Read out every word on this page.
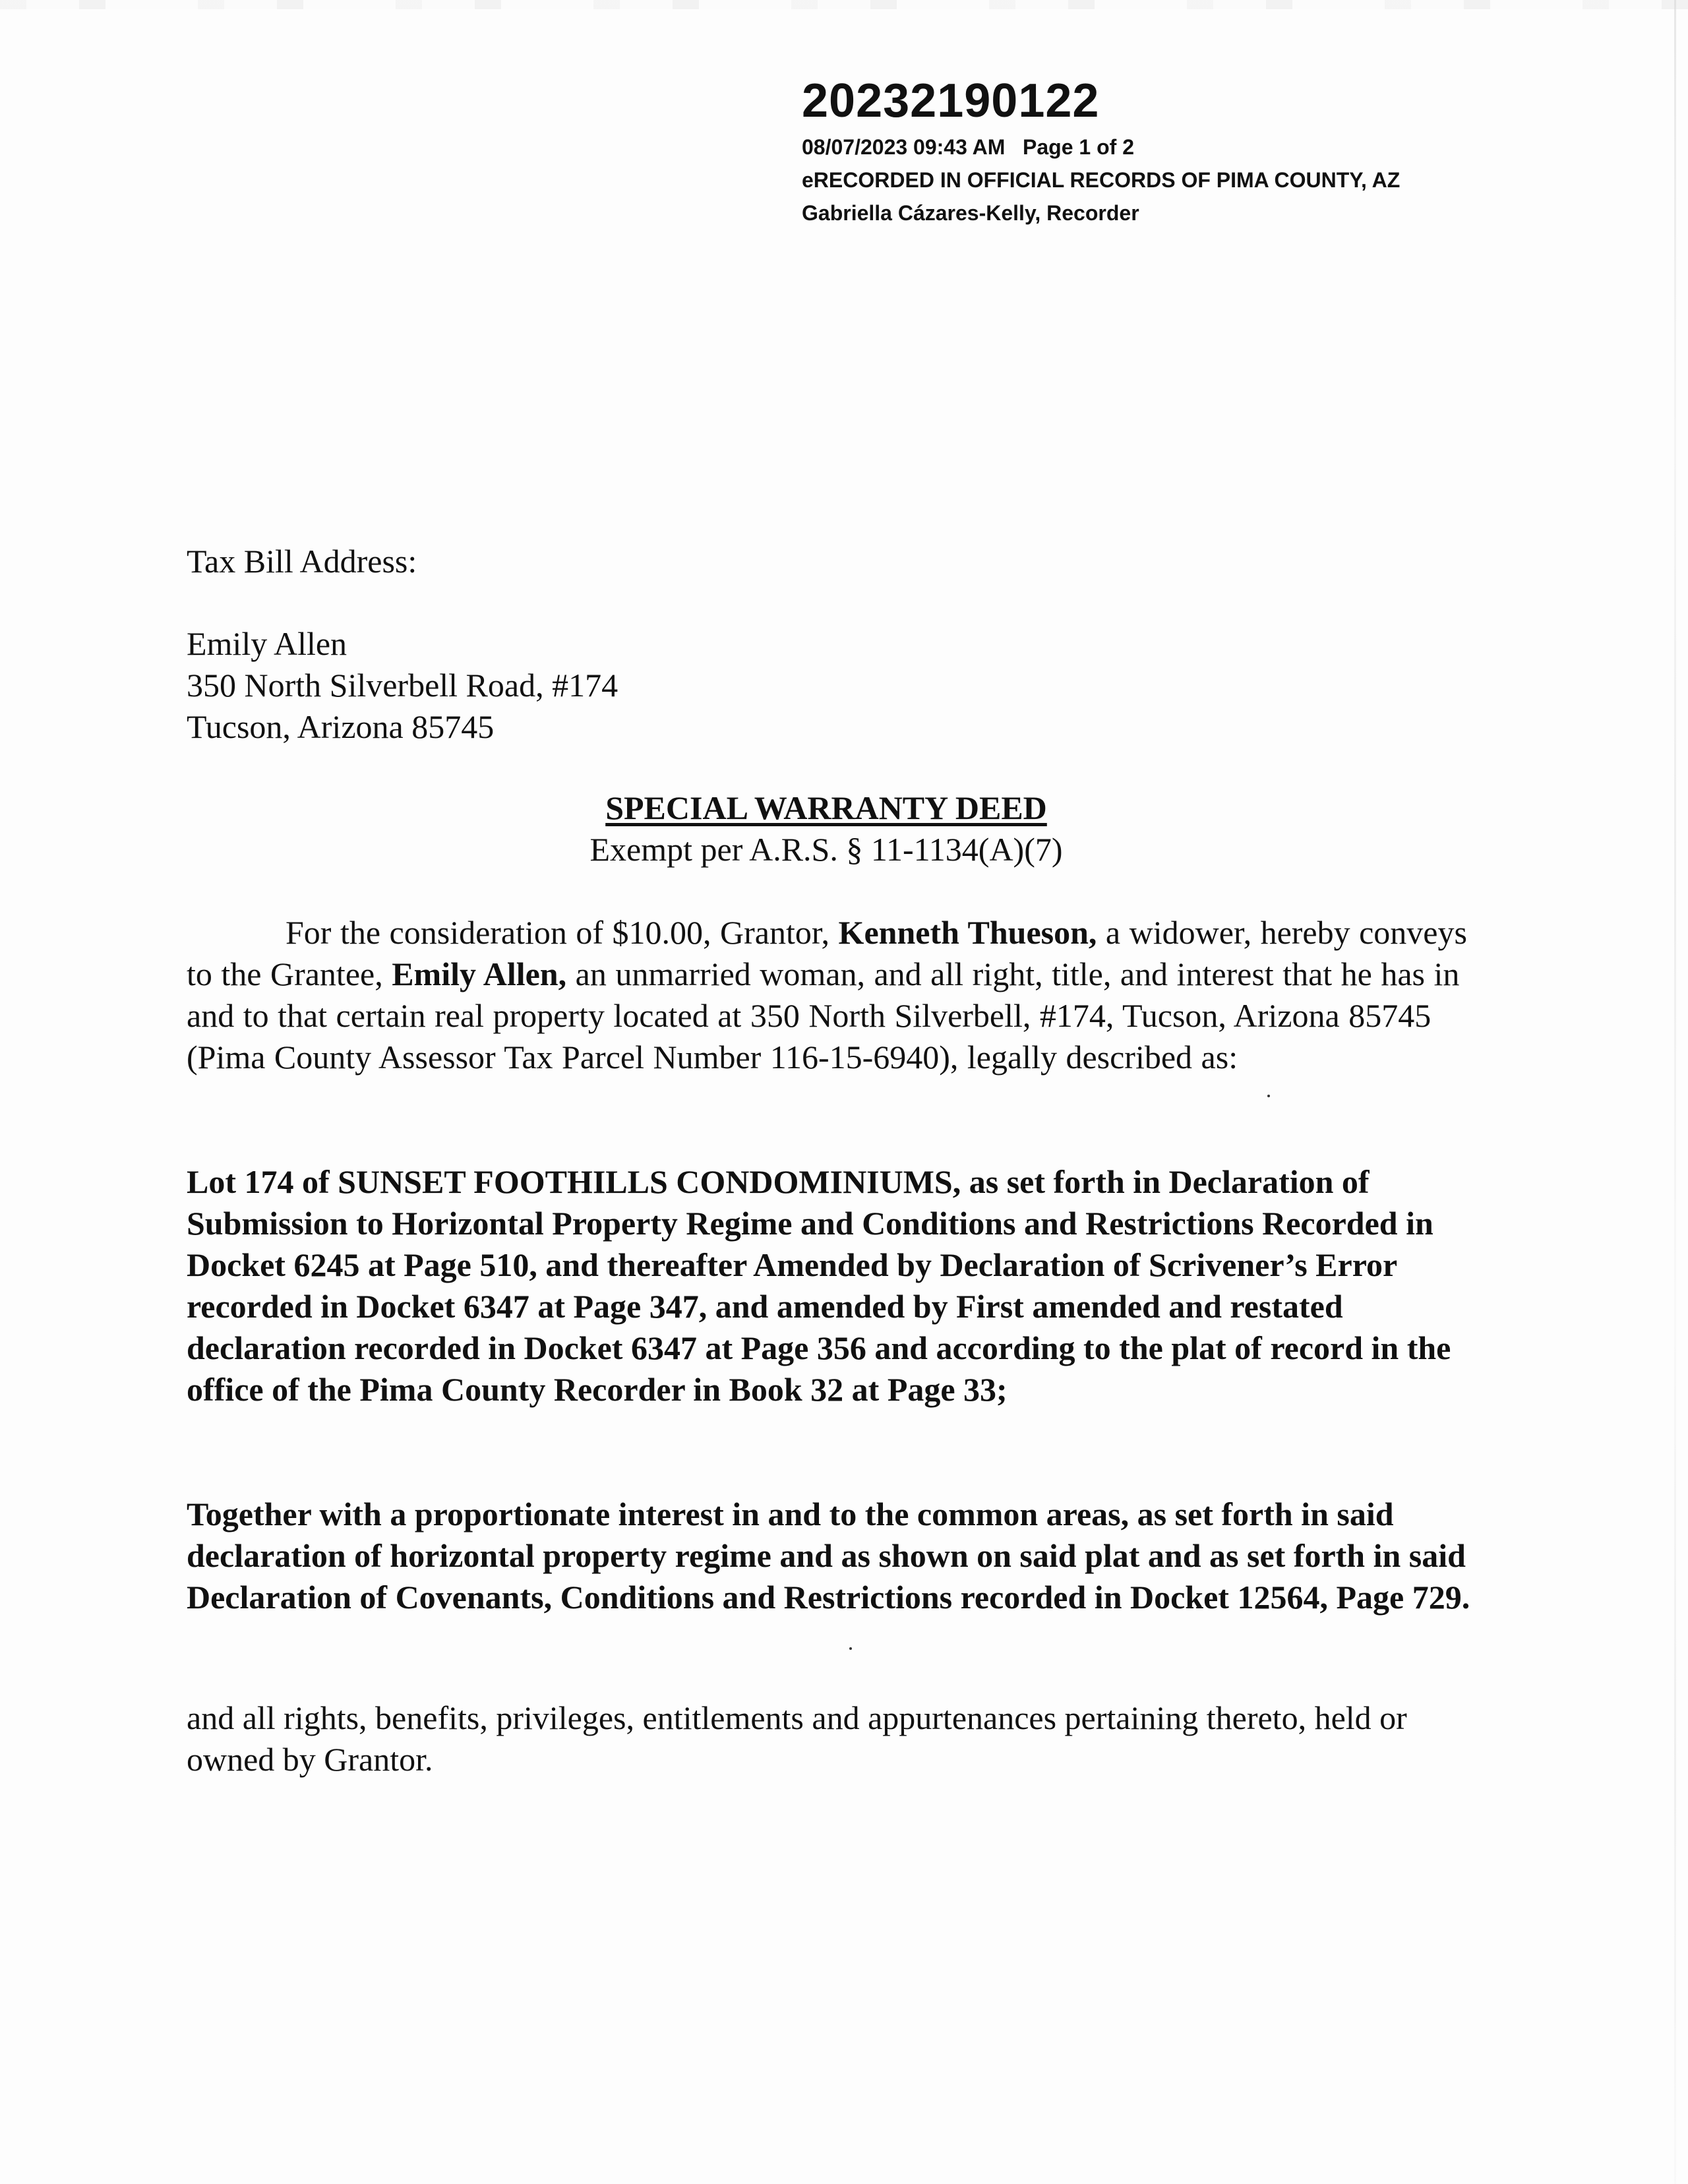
20232190122
08/07/2023 09:43 AM Page 1 of 2
eRECORDED IN OFFICIAL RECORDS OF PIMA COUNTY, AZ
Gabriella Cázares-Kelly, Recorder
Tax Bill Address:
Emily Allen
350 North Silverbell Road, #174
Tucson, Arizona 85745
SPECIAL WARRANTY DEED
Exempt per A.R.S. § 11-1134(A)(7)
For the consideration of $10.00, Grantor, Kenneth Thueson, a widower, hereby conveys to the Grantee, Emily Allen, an unmarried woman, and all right, title, and interest that he has in and to that certain real property located at 350 North Silverbell, #174, Tucson, Arizona 85745 (Pima County Assessor Tax Parcel Number 116-15-6940), legally described as:
Lot 174 of SUNSET FOOTHILLS CONDOMINIUMS, as set forth in Declaration of Submission to Horizontal Property Regime and Conditions and Restrictions Recorded in Docket 6245 at Page 510, and thereafter Amended by Declaration of Scrivener’s Error recorded in Docket 6347 at Page 347, and amended by First amended and restated declaration recorded in Docket 6347 at Page 356 and according to the plat of record in the office of the Pima County Recorder in Book 32 at Page 33;
Together with a proportionate interest in and to the common areas, as set forth in said declaration of horizontal property regime and as shown on said plat and as set forth in said Declaration of Covenants, Conditions and Restrictions recorded in Docket 12564, Page 729.
and all rights, benefits, privileges, entitlements and appurtenances pertaining thereto, held or owned by Grantor.
